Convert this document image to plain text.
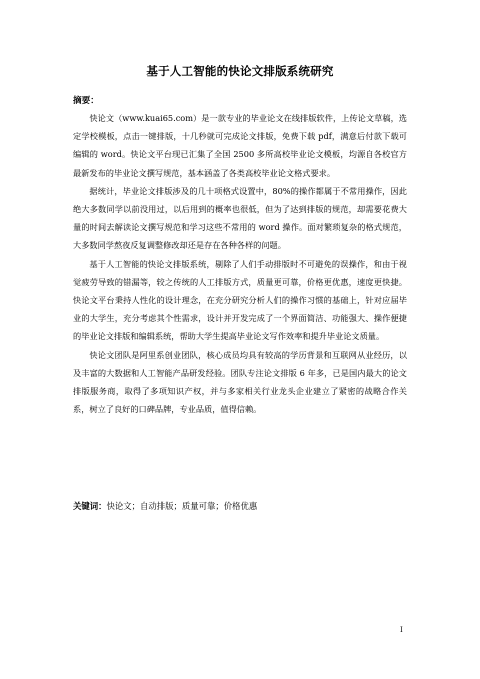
基于人工智能的快论文排版系统研究
摘要：

快论文（www.kuai65.com）是一款专业的毕业论文在线排版软件，上传论文草稿，选定学校模板，点击一键排版，十几秒就可完成论文排版，免费下载 pdf，满意后付款下载可编辑的 word。快论文平台现已汇集了全国 2500 多所高校毕业论文模板，均源自各校官方最新发布的毕业论文撰写规范，基本涵盖了各类高校毕业论文格式要求。

据统计，毕业论文排版涉及的几十项格式设置中，80%的操作都属于不常用操作，因此绝大多数同学以前没用过，以后用到的概率也很低，但为了达到排版的规范，却需要花费大量的时间去解读论文撰写规范和学习这些不常用的 word 操作。面对繁琐复杂的格式规范，大多数同学熬夜反复调整修改却还是存在各种各样的问题。

基于人工智能的快论文排版系统，剔除了人们手动排版时不可避免的误操作，和由于视觉疲劳导致的错漏等，较之传统的人工排版方式，质量更可靠，价格更优惠，速度更快捷。快论文平台秉持人性化的设计理念，在充分研究分析人们的操作习惯的基础上，针对应届毕业的大学生，充分考虑其个性需求，设计并开发完成了一个界面简洁、功能强大、操作便捷的毕业论文排版和编辑系统，帮助大学生提高毕业论文写作效率和提升毕业论文质量。

快论文团队是阿里系创业团队，核心成员均具有较高的学历背景和互联网从业经历，以及丰富的大数据和人工智能产品研发经验。团队专注论文排版 6 年多，已是国内最大的论文排版服务商，取得了多项知识产权，并与多家相关行业龙头企业建立了紧密的战略合作关系，树立了良好的口碑品牌，专业品质，值得信赖。

关键词：快论文；自动排版；质量可靠；价格优惠
I
